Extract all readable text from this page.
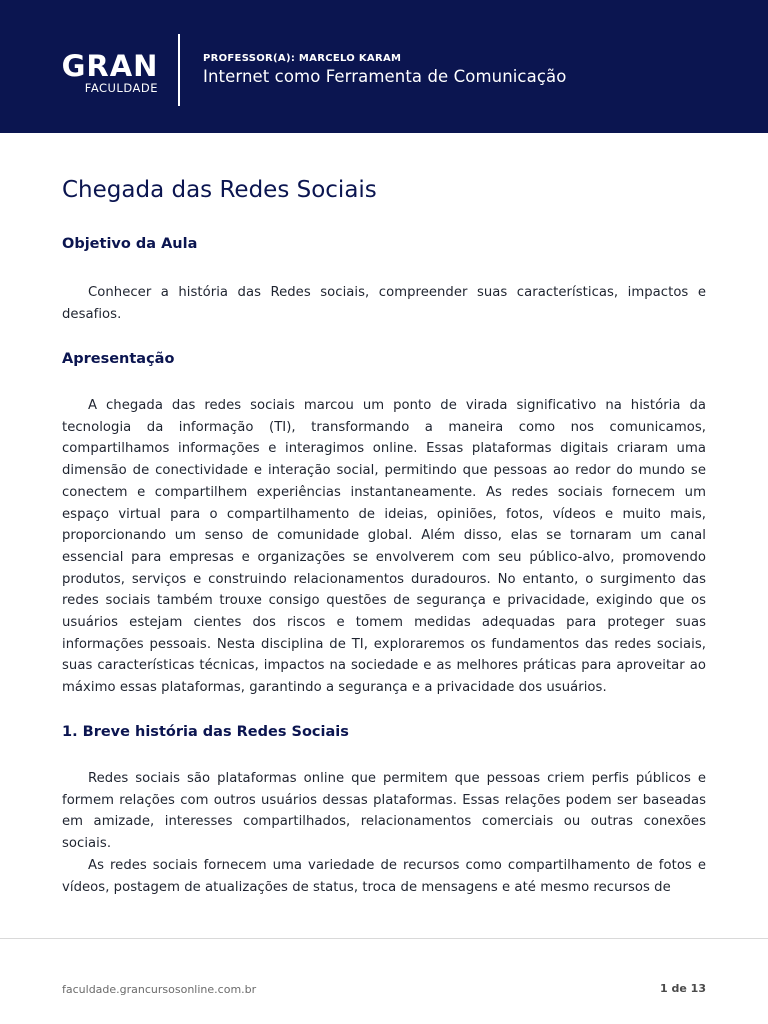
GRAN
FACULDADE
PROFESSOR(A): MARCELO KARAM
Internet como Ferramenta de Comunicação
Chegada das Redes Sociais
Objetivo da Aula

Conhecer a história das Redes sociais, compreender suas características, impactos e desafios.

Apresentação

A chegada das redes sociais marcou um ponto de virada significativo na história da tecnologia da informação (TI), transformando a maneira como nos comunicamos, compartilhamos informações e interagimos online. Essas plataformas digitais criaram uma dimensão de conectividade e interação social, permitindo que pessoas ao redor do mundo se conectem e compartilhem experiências instantaneamente. As redes sociais fornecem um espaço virtual para o compartilhamento de ideias, opiniões, fotos, vídeos e muito mais, proporcionando um senso de comunidade global. Além disso, elas se tornaram um canal essencial para empresas e organizações se envolverem com seu público-alvo, promovendo produtos, serviços e construindo relacionamentos duradouros. No entanto, o surgimento das redes sociais também trouxe consigo questões de segurança e privacidade, exigindo que os usuários estejam cientes dos riscos e tomem medidas adequadas para proteger suas informações pessoais. Nesta disciplina de TI, exploraremos os fundamentos das redes sociais, suas características técnicas, impactos na sociedade e as melhores práticas para aproveitar ao máximo essas plataformas, garantindo a segurança e a privacidade dos usuários.

1. Breve história das Redes Sociais

Redes sociais são plataformas online que permitem que pessoas criem perfis públicos e formem relações com outros usuários dessas plataformas. Essas relações podem ser baseadas em amizade, interesses compartilhados, relacionamentos comerciais ou outras conexões sociais.

As redes sociais fornecem uma variedade de recursos como compartilhamento de fotos e vídeos, postagem de atualizações de status, troca de mensagens e até mesmo recursos de

faculdade.grancursosonline.com.br	1 de 13
